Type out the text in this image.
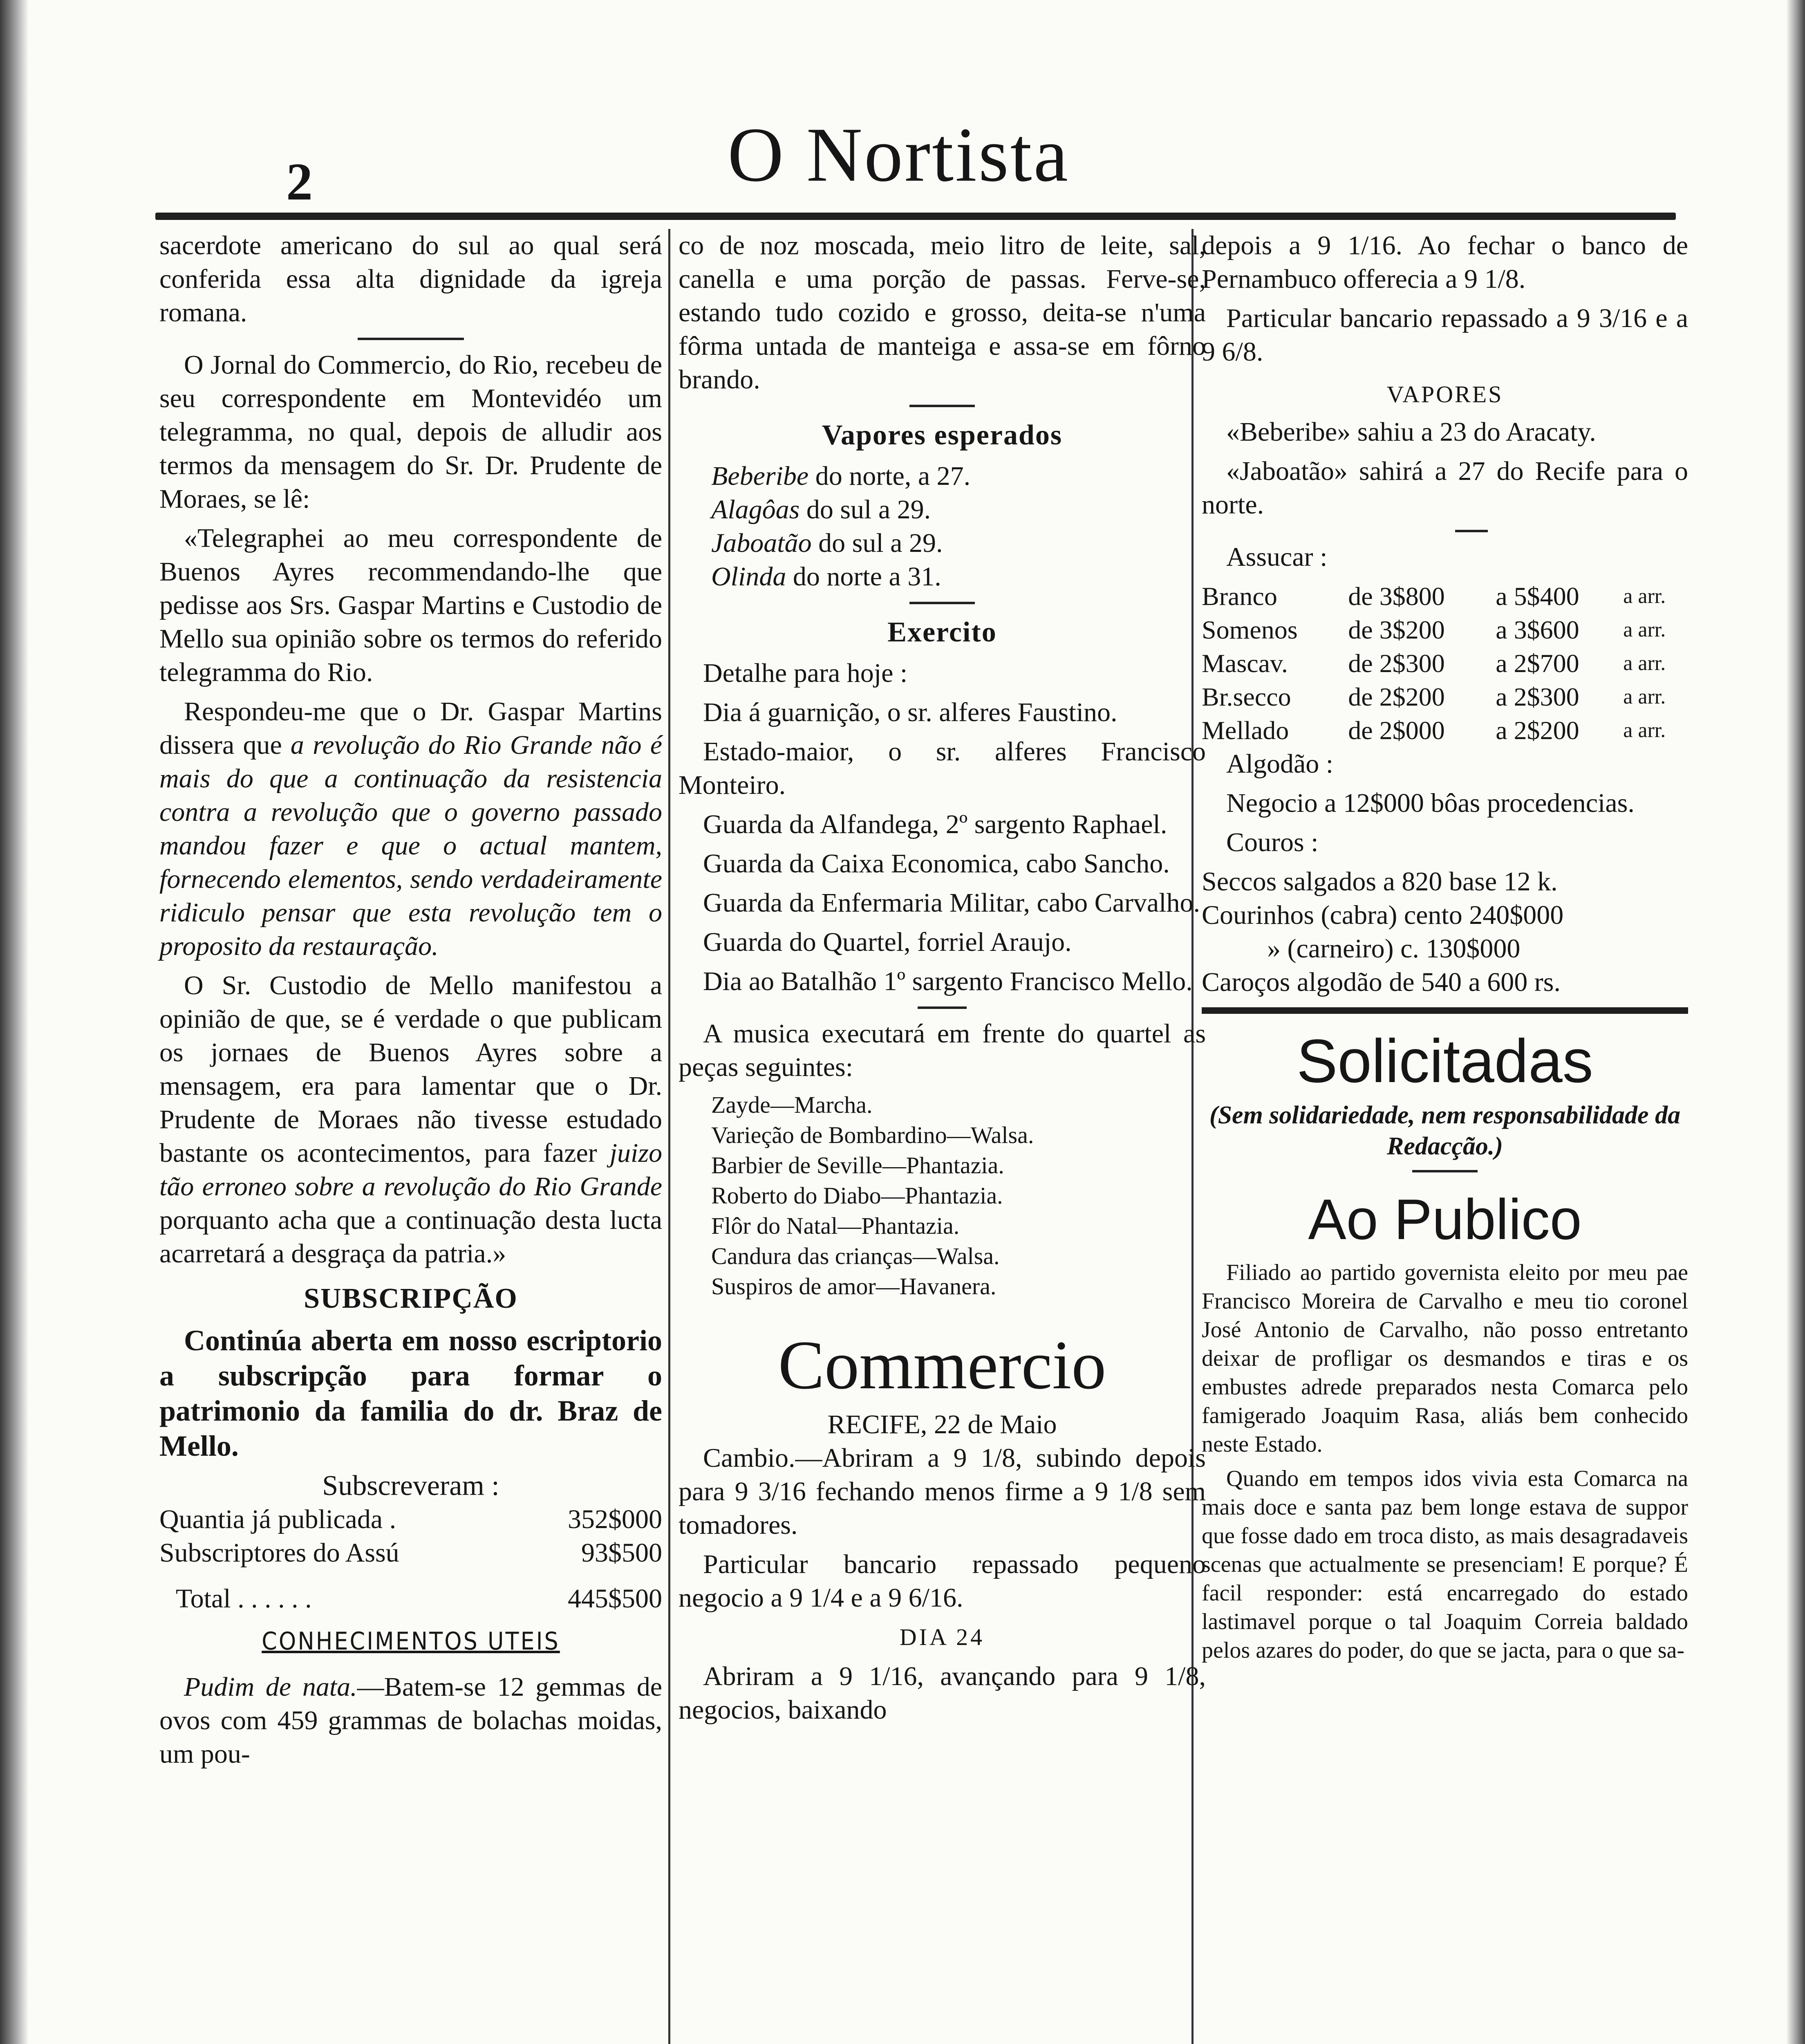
2	O Nortista

sacerdote americano do sul ao qual será conferida essa alta dignidade da igreja romana.

O Jornal do Commercio, do Rio, recebeu de seu correspondente em Montevidéo um telegramma, no qual, depois de alludir aos termos da mensagem do Sr. Dr. Prudente de Moraes, se lê:

«Telegraphei ao meu correspondente de Buenos Ayres recommendando-lhe que pedisse aos Srs. Gaspar Martins e Custodio de Mello sua opinião sobre os termos do referido telegramma do Rio.

Respondeu-me que o Dr. Gaspar Martins dissera que a revolução do Rio Grande não é mais do que a continuação da resistencia contra a revolução que o governo passado mandou fazer e que o actual mantem, fornecendo elementos, sendo verdadeiramente ridiculo pensar que esta revolução tem o proposito da restauração.

O Sr. Custodio de Mello manifestou a opinião de que, se é verdade o que publicam os jornaes de Buenos Ayres sobre a mensagem, era para lamentar que o Dr. Prudente de Moraes não tivesse estudado bastante os acontecimentos, para fazer juizo tão erroneo sobre a revolução do Rio Grande porquanto acha que a continuação desta lucta acarretará a desgraça da patria.»

SUBSCRIPÇÃO

Continúa aberta em nosso escriptorio a subscripção para formar o patrimonio da familia do dr. Braz de Mello.

Subscreveram :
Quantia já publicada .	352$000
Subscriptores do Assú	93$500

Total . . . . . .	445$500
CONHECIMENTOS UTEIS

Pudim de nata.—Batem-se 12 gemmas de ovos com 459 grammas de bolachas moidas, um pou-

co de noz moscada, meio litro de leite, sal, canella e uma porção de passas. Ferve-se, estando tudo cozido e grosso, deita-se n'uma fôrma untada de manteiga e assa-se em fôrno brando.

Vapores esperados
Beberibe do norte, a 27.
Alagôas do sul a 29.
Jaboatão do sul a 29.
Olinda do norte a 31.
Exercito

Detalhe para hoje :

Dia á guarnição, o sr. alferes Faustino.

Estado-maior, o sr. alferes Francisco Monteiro.

Guarda da Alfandega, 2º sargento Raphael.

Guarda da Caixa Economica, cabo Sancho.

Guarda da Enfermaria Militar, cabo Carvalho.

Guarda do Quartel, forriel Araujo.

Dia ao Batalhão 1º sargento Francisco Mello.

A musica executará em frente do quartel as peças seguintes:

Zayde—Marcha.
Varieção de Bombardino—Walsa.
Barbier de Seville—Phantazia.
Roberto do Diabo—Phantazia.
Flôr do Natal—Phantazia.
Candura das crianças—Walsa.
Suspiros de amor—Havanera.
Commercio
RECIFE, 22 de Maio

Cambio.—Abriram a 9 1/8, subindo depois para 9 3/16 fechando menos firme a 9 1/8 sem tomadores.

Particular bancario repassado pequeno negocio a 9 1/4 e a 9 6/16.

DIA 24

Abriram a 9 1/16, avançando para 9 1/8, negocios, baixando

depois a 9 1/16. Ao fechar o banco de Pernambuco offerecia a 9 1/8.

Particular bancario repassado a 9 3/16 e a 9 6/8.

VAPORES

«Beberibe» sahiu a 23 do Aracaty.

«Jaboatão» sahirá a 27 do Recife para o norte.

Assucar :

Branco	de 3$800	a 5$400	a arr.
Somenos	de 3$200	a 3$600	a arr.
Mascav.	de 2$300	a 2$700	a arr.
Br.secco	de 2$200	a 2$300	a arr.
Mellado	de 2$000	a 2$200	a arr.

Algodão :

Negocio a 12$000 bôas procedencias.

Couros :

Seccos salgados a 820 base 12 k.
Courinhos (cabra) cento 240$000
» (carneiro) c. 130$000
Caroços algodão de 540 a 600 rs.
Solicitadas
(Sem solidariedade, nem responsabilidade da Redacção.)
Ao Publico

Filiado ao partido governista eleito por meu pae Francisco Moreira de Carvalho e meu tio coronel José Antonio de Carvalho, não posso entretanto deixar de profligar os desmandos e tiras e os embustes adrede preparados nesta Comarca pelo famigerado Joaquim Rasa, aliás bem conhecido neste Estado.

Quando em tempos idos vivia esta Comarca na mais doce e santa paz bem longe estava de suppor que fosse dado em troca disto, as mais desagradaveis scenas que actualmente se presenciam! E porque? É facil responder: está encarregado do estado lastimavel porque o tal Joaquim Correia baldado pelos azares do poder, do que se jacta, para o que sa-
